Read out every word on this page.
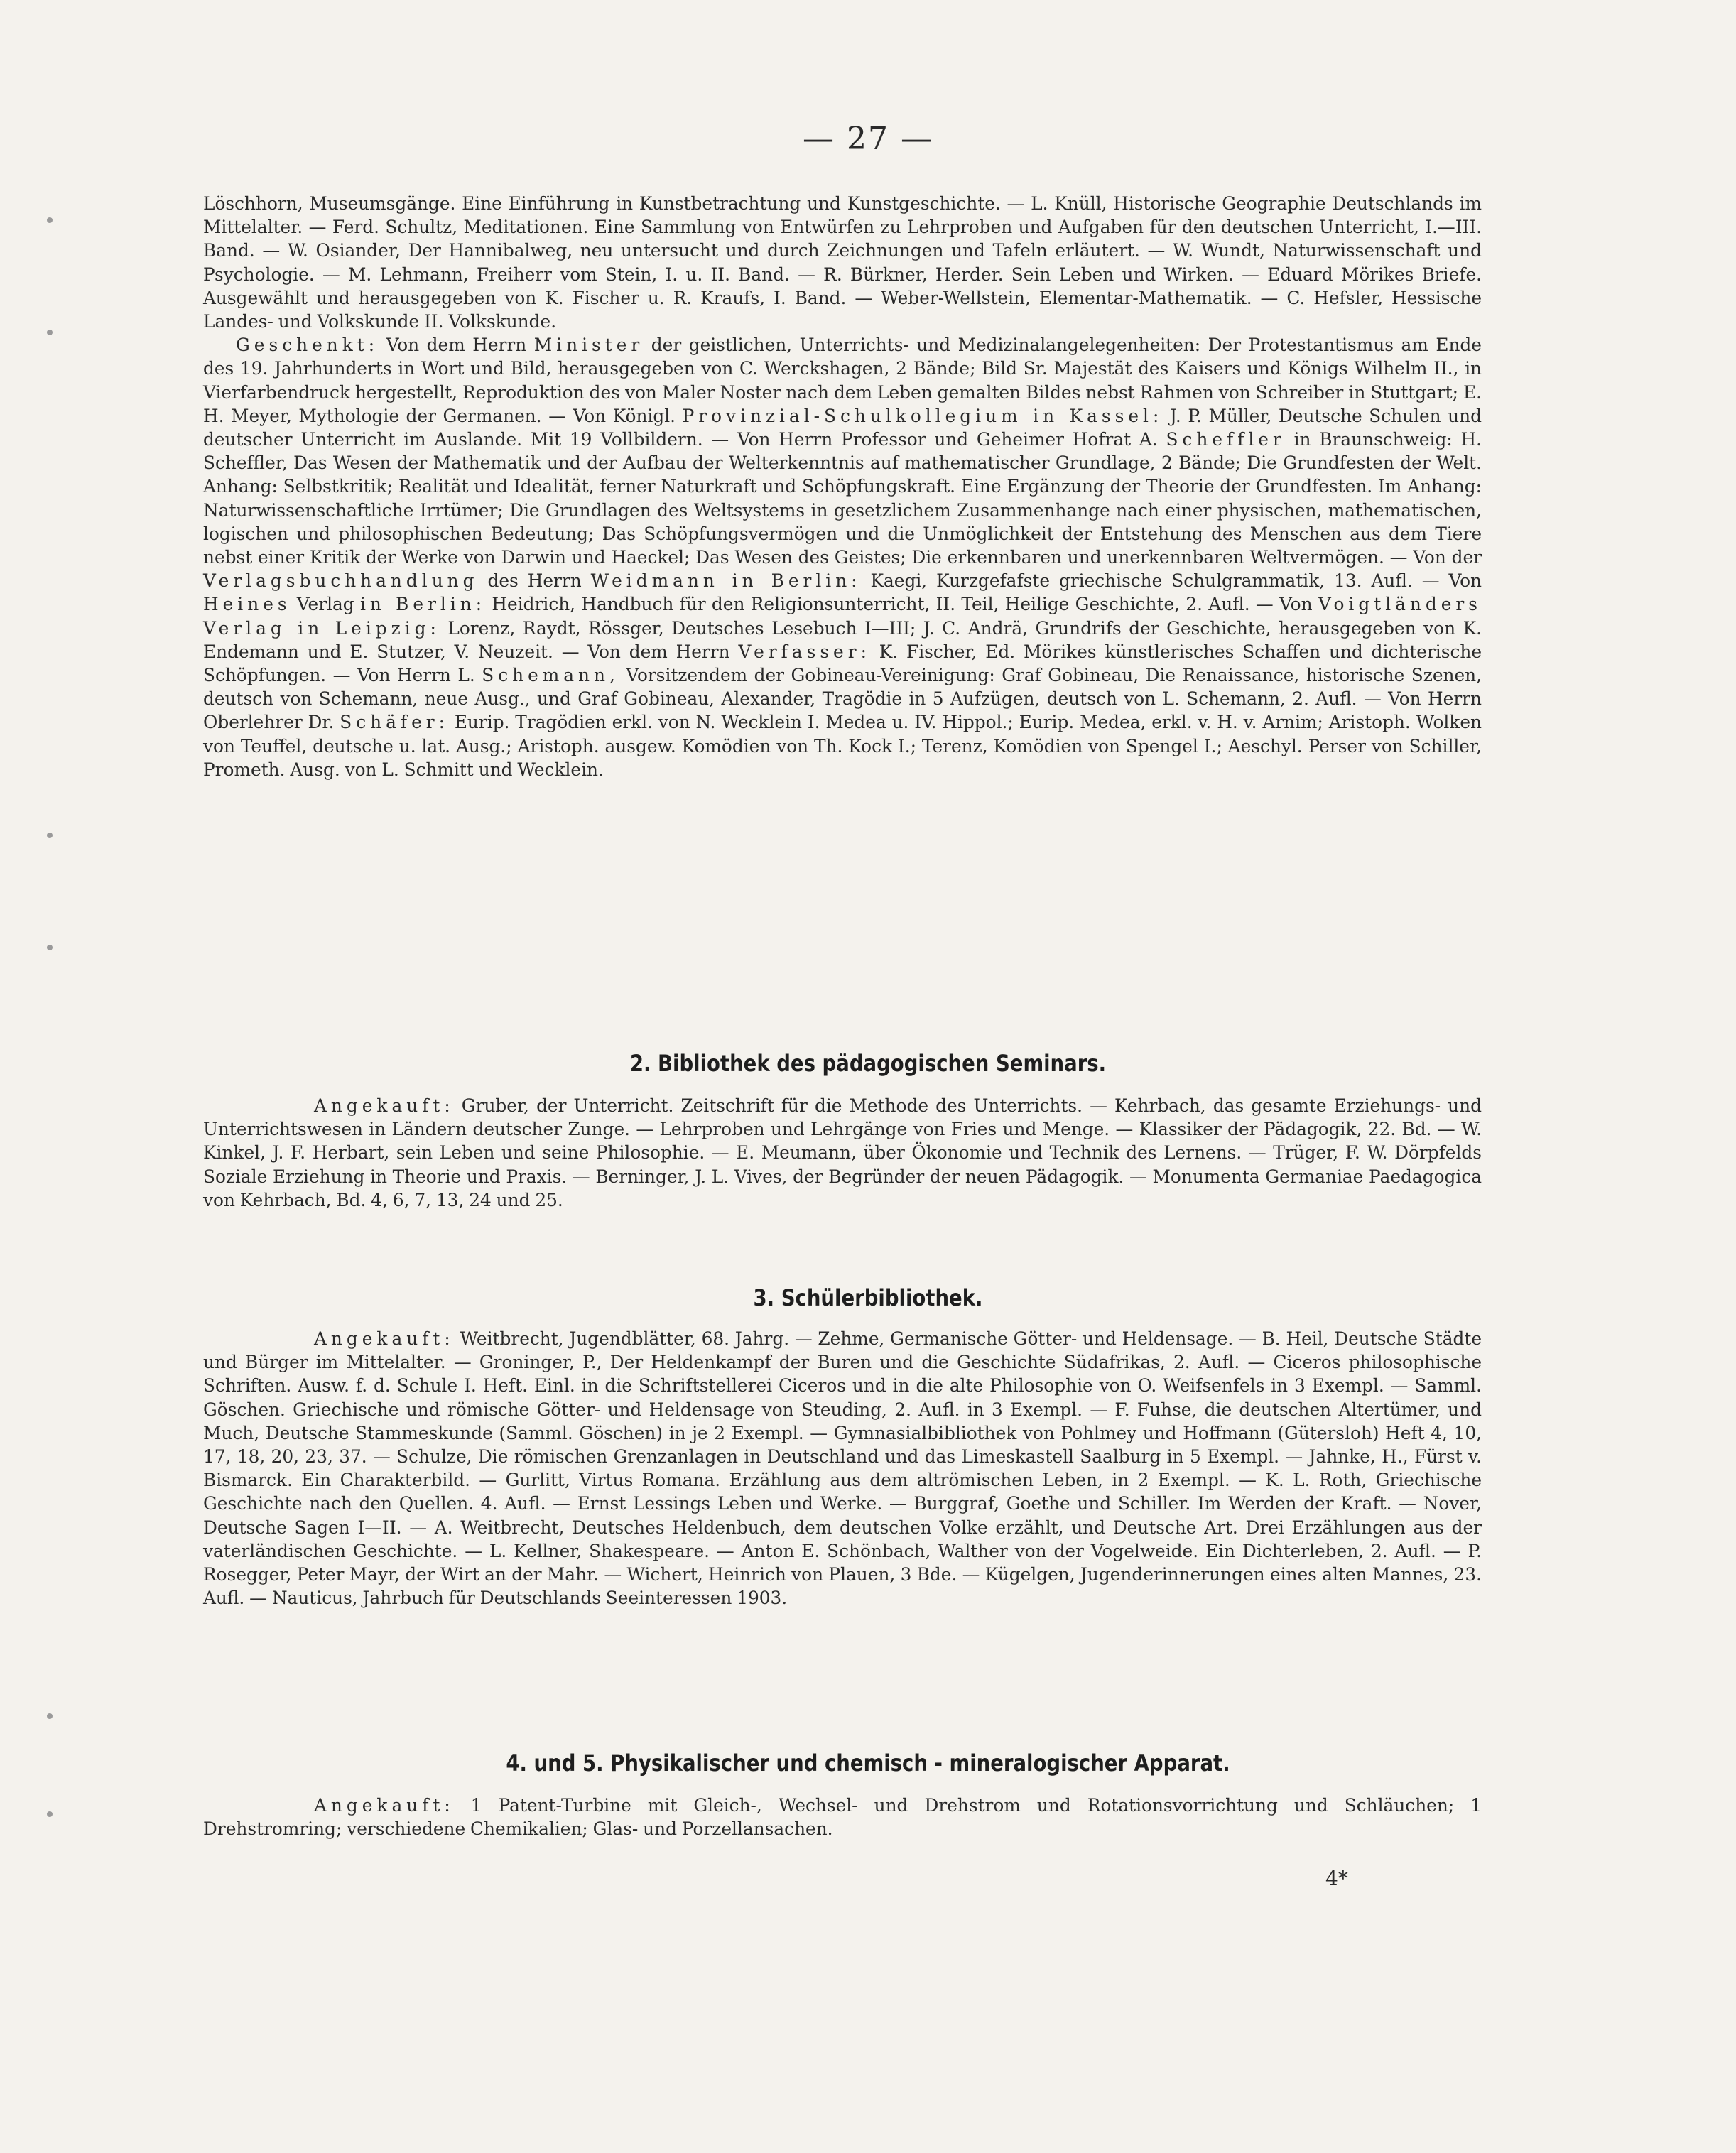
— 27 —

Löschhorn, Museumsgänge. Eine Einführung in Kunstbetrachtung und Kunstgeschichte. — L. Knüll, Historische Geographie Deutschlands im Mittelalter. — Ferd. Schultz, Meditationen. Eine Sammlung von Entwürfen zu Lehrproben und Aufgaben für den deutschen Unterricht, I.—III. Band. — W. Osiander, Der Hannibalweg, neu untersucht und durch Zeichnungen und Tafeln erläutert. — W. Wundt, Naturwissenschaft und Psychologie. — M. Lehmann, Freiherr vom Stein, I. u. II. Band. — R. Bürkner, Herder. Sein Leben und Wirken. — Eduard Mörikes Briefe. Ausgewählt und herausgegeben von K. Fischer u. R. Kraufs, I. Band. — Weber-Wellstein, Elementar-Mathematik. — C. Hefsler, Hessische Landes- und Volkskunde II. Volkskunde.

Geschenkt: Von dem Herrn Minister der geistlichen, Unterrichts- und Medizinalangelegenheiten: Der Protestantismus am Ende des 19. Jahrhunderts in Wort und Bild, herausgegeben von C. Werckshagen, 2 Bände; Bild Sr. Majestät des Kaisers und Königs Wilhelm II., in Vierfarbendruck hergestellt, Reproduktion des von Maler Noster nach dem Leben gemalten Bildes nebst Rahmen von Schreiber in Stuttgart; E. H. Meyer, Mythologie der Germanen. — Von Königl. Provinzial-Schulkollegium in Kassel: J. P. Müller, Deutsche Schulen und deutscher Unterricht im Auslande. Mit 19 Vollbildern. — Von Herrn Professor und Geheimer Hofrat A. Scheffler in Braunschweig: H. Scheffler, Das Wesen der Mathematik und der Aufbau der Welterkenntnis auf mathematischer Grundlage, 2 Bände; Die Grundfesten der Welt. Anhang: Selbstkritik; Realität und Idealität, ferner Naturkraft und Schöpfungskraft. Eine Ergänzung der Theorie der Grundfesten. Im Anhang: Naturwissenschaftliche Irrtümer; Die Grundlagen des Weltsystems in gesetzlichem Zusammenhange nach einer physischen, mathematischen, logischen und philosophischen Bedeutung; Das Schöpfungsvermögen und die Unmöglichkeit der Entstehung des Menschen aus dem Tiere nebst einer Kritik der Werke von Darwin und Haeckel; Das Wesen des Geistes; Die erkennbaren und unerkennbaren Weltvermögen. — Von der Verlagsbuchhandlung des Herrn Weidmann in Berlin: Kaegi, Kurzgefafste griechische Schulgrammatik, 13. Aufl. — Von Heines Verlag in Berlin: Heidrich, Handbuch für den Religionsunterricht, II. Teil, Heilige Geschichte, 2. Aufl. — Von Voigtländers Verlag in Leipzig: Lorenz, Raydt, Rössger, Deutsches Lesebuch I—III; J. C. Andrä, Grundrifs der Geschichte, herausgegeben von K. Endemann und E. Stutzer, V. Neuzeit. — Von dem Herrn Verfasser: K. Fischer, Ed. Mörikes künstlerisches Schaffen und dichterische Schöpfungen. — Von Herrn L. Schemann, Vorsitzendem der Gobineau-Vereinigung: Graf Gobineau, Die Renaissance, historische Szenen, deutsch von Schemann, neue Ausg., und Graf Gobineau, Alexander, Tragödie in 5 Aufzügen, deutsch von L. Schemann, 2. Aufl. — Von Herrn Oberlehrer Dr. Schäfer: Eurip. Tragödien erkl. von N. Wecklein I. Medea u. IV. Hippol.; Eurip. Medea, erkl. v. H. v. Arnim; Aristoph. Wolken von Teuffel, deutsche u. lat. Ausg.; Aristoph. ausgew. Komödien von Th. Kock I.; Terenz, Komödien von Spengel I.; Aeschyl. Perser von Schiller, Prometh. Ausg. von L. Schmitt und Wecklein.

2. Bibliothek des pädagogischen Seminars.

Angekauft: Gruber, der Unterricht. Zeitschrift für die Methode des Unterrichts. — Kehrbach, das gesamte Erziehungs- und Unterrichtswesen in Ländern deutscher Zunge. — Lehrproben und Lehrgänge von Fries und Menge. — Klassiker der Pädagogik, 22. Bd. — W. Kinkel, J. F. Herbart, sein Leben und seine Philosophie. — E. Meumann, über Ökonomie und Technik des Lernens. — Trüger, F. W. Dörpfelds Soziale Erziehung in Theorie und Praxis. — Berninger, J. L. Vives, der Begründer der neuen Pädagogik. — Monumenta Germaniae Paedagogica von Kehrbach, Bd. 4, 6, 7, 13, 24 und 25.

3. Schülerbibliothek.

Angekauft: Weitbrecht, Jugendblätter, 68. Jahrg. — Zehme, Germanische Götter- und Heldensage. — B. Heil, Deutsche Städte und Bürger im Mittelalter. — Groninger, P., Der Heldenkampf der Buren und die Geschichte Südafrikas, 2. Aufl. — Ciceros philosophische Schriften. Ausw. f. d. Schule I. Heft. Einl. in die Schriftstellerei Ciceros und in die alte Philosophie von O. Weifsenfels in 3 Exempl. — Samml. Göschen. Griechische und römische Götter- und Heldensage von Steuding, 2. Aufl. in 3 Exempl. — F. Fuhse, die deutschen Altertümer, und Much, Deutsche Stammeskunde (Samml. Göschen) in je 2 Exempl. — Gymnasialbibliothek von Pohlmey und Hoffmann (Gütersloh) Heft 4, 10, 17, 18, 20, 23, 37. — Schulze, Die römischen Grenzanlagen in Deutschland und das Limeskastell Saalburg in 5 Exempl. — Jahnke, H., Fürst v. Bismarck. Ein Charakterbild. — Gurlitt, Virtus Romana. Erzählung aus dem altrömischen Leben, in 2 Exempl. — K. L. Roth, Griechische Geschichte nach den Quellen. 4. Aufl. — Ernst Lessings Leben und Werke. — Burggraf, Goethe und Schiller. Im Werden der Kraft. — Nover, Deutsche Sagen I—II. — A. Weitbrecht, Deutsches Heldenbuch, dem deutschen Volke erzählt, und Deutsche Art. Drei Erzählungen aus der vaterländischen Geschichte. — L. Kellner, Shakespeare. — Anton E. Schönbach, Walther von der Vogelweide. Ein Dichterleben, 2. Aufl. — P. Rosegger, Peter Mayr, der Wirt an der Mahr. — Wichert, Heinrich von Plauen, 3 Bde. — Kügelgen, Jugenderinnerungen eines alten Mannes, 23. Aufl. — Nauticus, Jahrbuch für Deutschlands Seeinteressen 1903.

4. und 5. Physikalischer und chemisch - mineralogischer Apparat.

Angekauft: 1 Patent-Turbine mit Gleich-, Wechsel- und Drehstrom und Rotationsvorrichtung und Schläuchen; 1 Drehstromring; verschiedene Chemikalien; Glas- und Porzellansachen.

4*
